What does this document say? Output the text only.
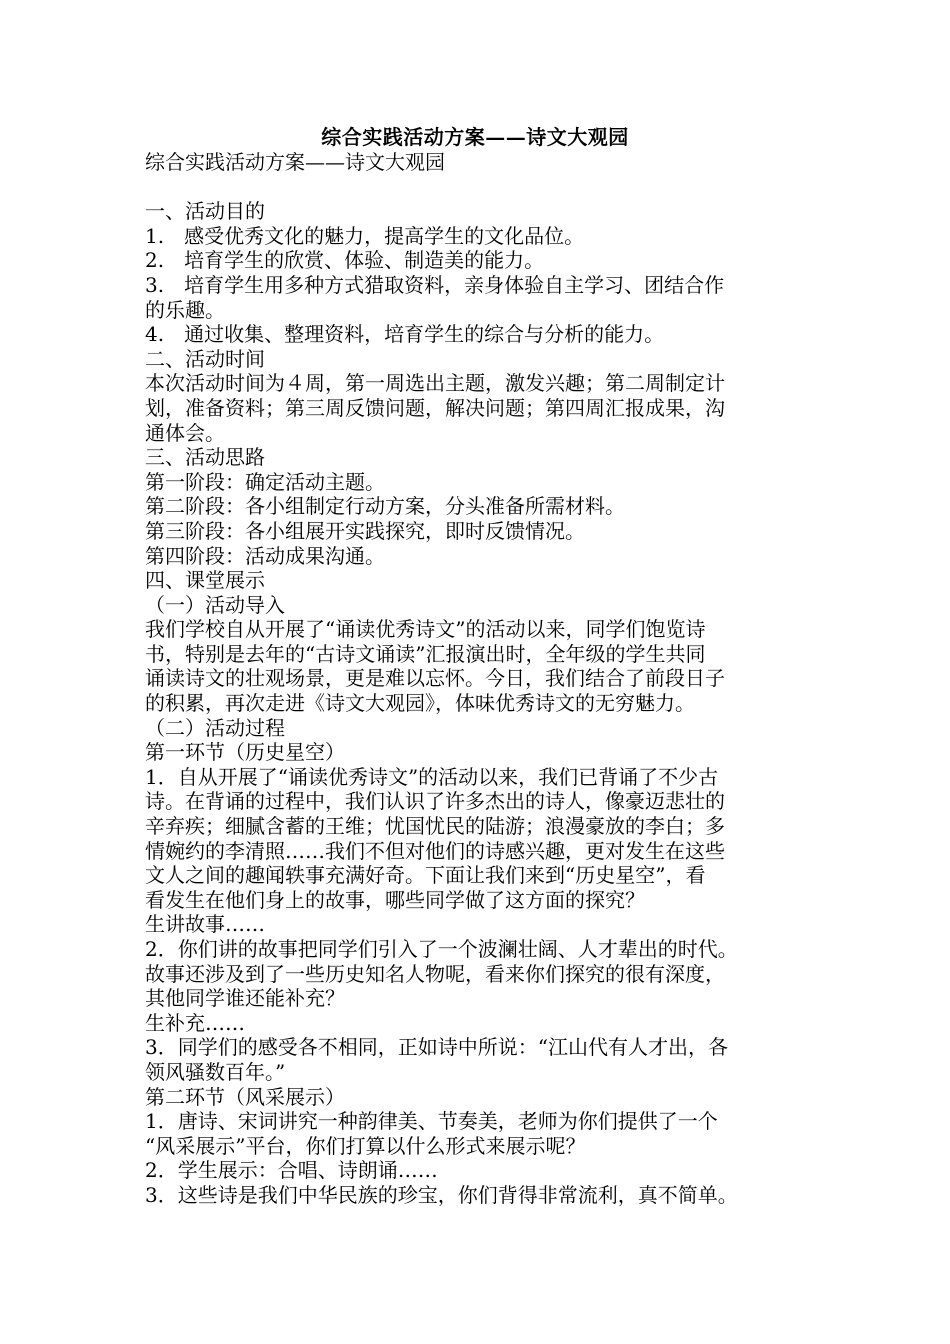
综合实践活动方案——诗文大观园
综合实践活动方案——诗文大观园
一、活动目的
1.　感受优秀文化的魅力，提高学生的文化品位。
2.　培育学生的欣赏、体验、制造美的能力。
3.　培育学生用多种方式猎取资料，亲身体验自主学习、团结合作
的乐趣。
4.　通过收集、整理资料，培育学生的综合与分析的能力。
二、活动时间
本次活动时间为４周，第一周选出主题，激发兴趣；第二周制定计
划，准备资料；第三周反馈问题，解决问题；第四周汇报成果，沟
通体会。
三、活动思路
第一阶段：确定活动主题。
第二阶段：各小组制定行动方案，分头准备所需材料。
第三阶段：各小组展开实践探究，即时反馈情况。
第四阶段：活动成果沟通。
四、课堂展示
（一）活动导入
我们学校自从开展了“诵读优秀诗文”的活动以来，同学们饱览诗
书，特别是去年的“古诗文诵读”汇报演出时，全年级的学生共同
诵读诗文的壮观场景，更是难以忘怀。今日，我们结合了前段日子
的积累，再次走进《诗文大观园》，体味优秀诗文的无穷魅力。
（二）活动过程
第一环节（历史星空）
1．自从开展了“诵读优秀诗文”的活动以来，我们已背诵了不少古
诗。在背诵的过程中，我们认识了许多杰出的诗人，像豪迈悲壮的
辛弃疾；细腻含蓄的王维；忧国忧民的陆游；浪漫豪放的李白；多
情婉约的李清照……我们不但对他们的诗感兴趣，更对发生在这些
文人之间的趣闻轶事充满好奇。下面让我们来到“历史星空”，看
看发生在他们身上的故事，哪些同学做了这方面的探究？
生讲故事……
2．你们讲的故事把同学们引入了一个波澜壮阔、人才辈出的时代。
故事还涉及到了一些历史知名人物呢，看来你们探究的很有深度，
其他同学谁还能补充？
生补充……
3．同学们的感受各不相同，正如诗中所说：“江山代有人才出，各
领风骚数百年。”
第二环节（风采展示）
1．唐诗、宋词讲究一种韵律美、节奏美，老师为你们提供了一个
“风采展示”平台，你们打算以什么形式来展示呢？
2．学生展示：合唱、诗朗诵……
3．这些诗是我们中华民族的珍宝，你们背得非常流利，真不简单。
